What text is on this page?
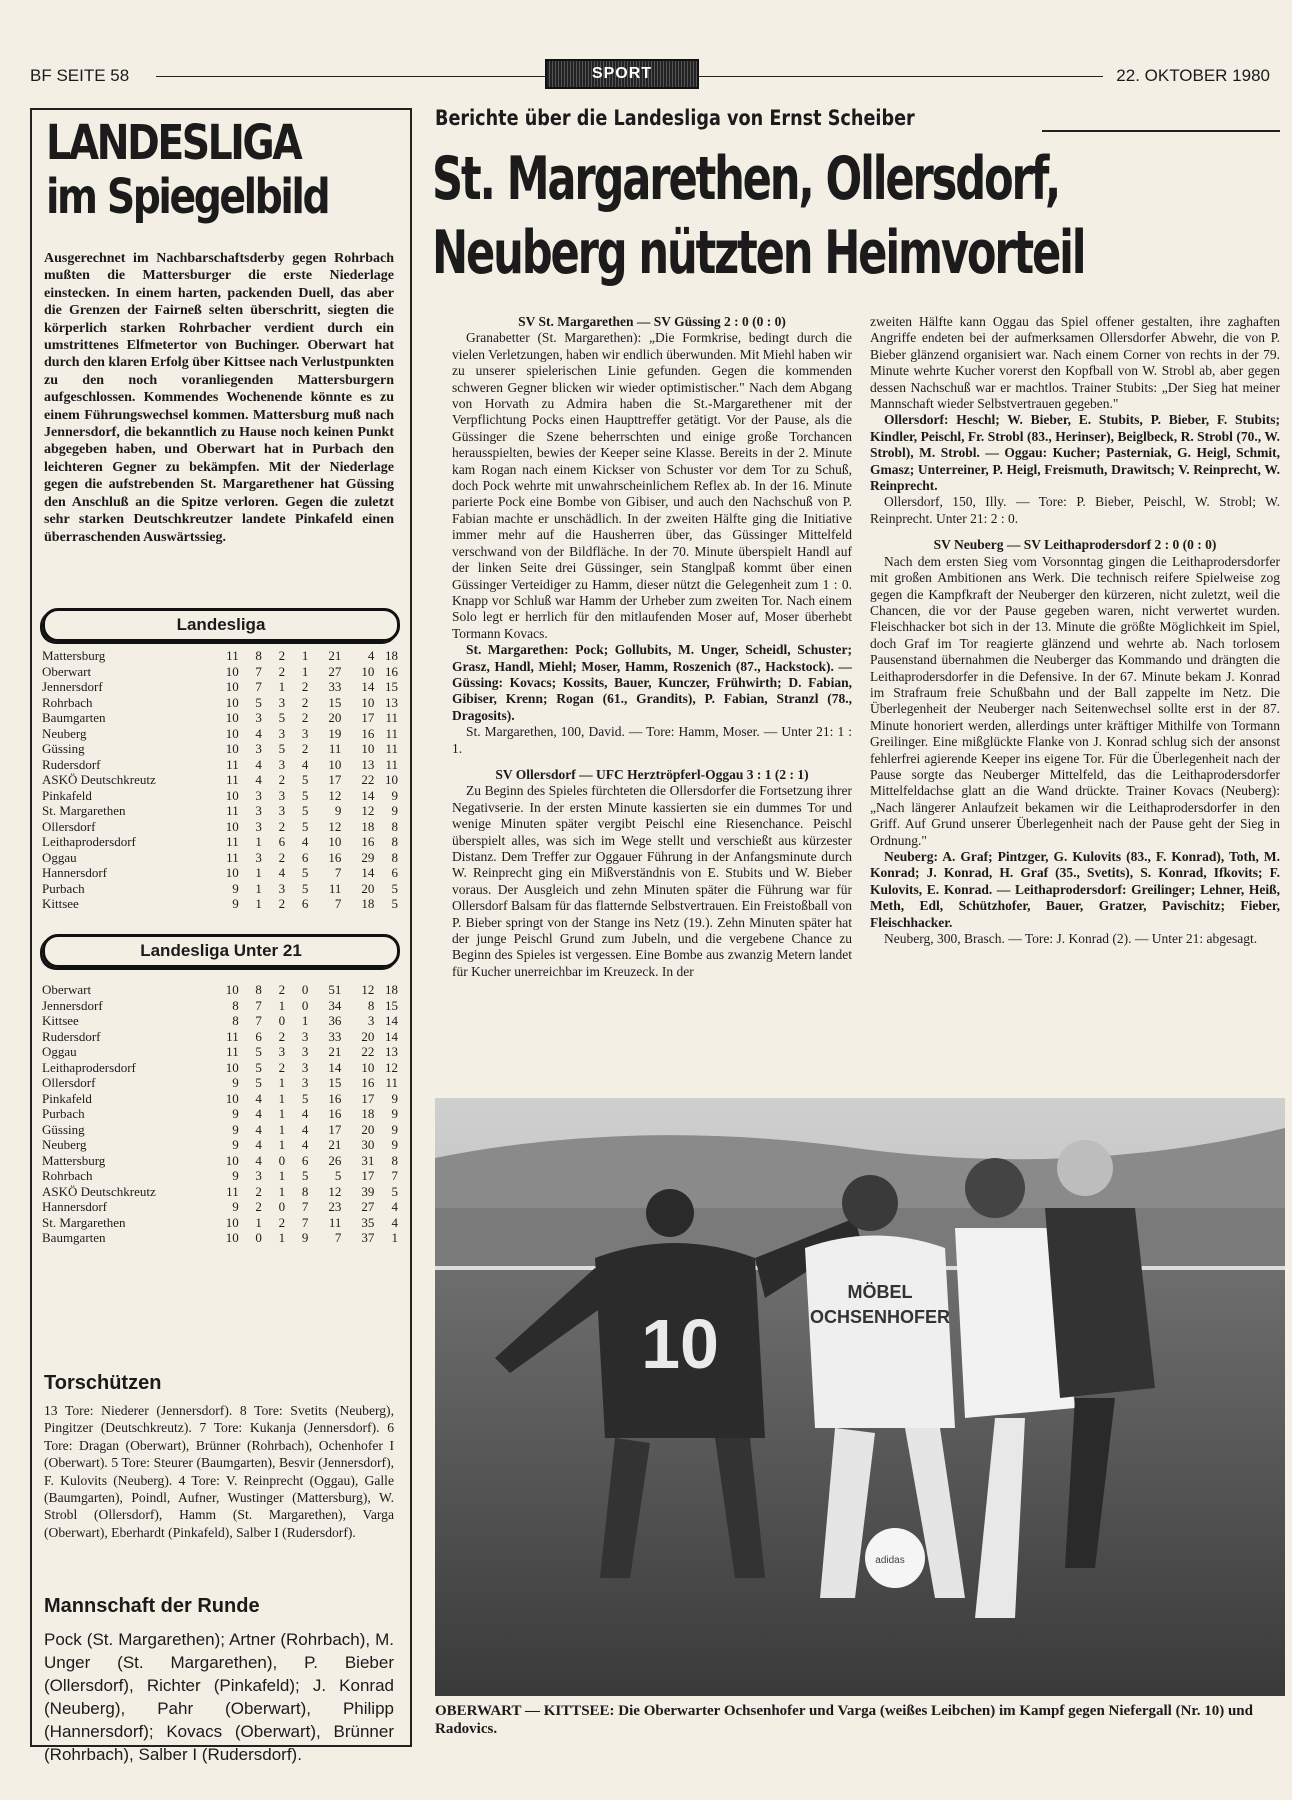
BF SEITE 58	SPORT	22. OKTOBER 1980
LANDESLIGA
im Spiegelbild

Ausgerechnet im Nachbarschaftsderby gegen Rohrbach mußten die Mattersburger die erste Niederlage einstecken. In einem harten, packenden Duell, das aber die Grenzen der Fairneß selten überschritt, siegten die körperlich starken Rohrbacher verdient durch ein umstrittenes Elfmetertor von Buchinger. Oberwart hat durch den klaren Erfolg über Kittsee nach Verlustpunkten zu den noch voranliegenden Mattersburgern aufgeschlossen. Kommendes Wochenende könnte es zu einem Führungswechsel kommen. Mattersburg muß nach Jennersdorf, die bekanntlich zu Hause noch keinen Punkt abgegeben haben, und Oberwart hat in Purbach den leichteren Gegner zu bekämpfen. Mit der Niederlage gegen die aufstrebenden St. Margarethener hat Güssing den Anschluß an die Spitze verloren. Gegen die zuletzt sehr starken Deutschkreutzer landete Pinkafeld einen überraschenden Auswärtssieg.

Landesliga
Mattersburg	11	8	2	1	21	4	18
Oberwart	10	7	2	1	27	10	16
Jennersdorf	10	7	1	2	33	14	15
Rohrbach	10	5	3	2	15	10	13
Baumgarten	10	3	5	2	20	17	11
Neuberg	10	4	3	3	19	16	11
Güssing	10	3	5	2	11	10	11
Rudersdorf	11	4	3	4	10	13	11
ASKÖ Deutschkreutz	11	4	2	5	17	22	10
Pinkafeld	10	3	3	5	12	14	9
St. Margarethen	11	3	3	5	9	12	9
Ollersdorf	10	3	2	5	12	18	8
Leithaprodersdorf	11	1	6	4	10	16	8
Oggau	11	3	2	6	16	29	8
Hannersdorf	10	1	4	5	7	14	6
Purbach	9	1	3	5	11	20	5
Kittsee	9	1	2	6	7	18	5
Landesliga Unter 21
Oberwart	10	8	2	0	51	12	18
Jennersdorf	8	7	1	0	34	8	15
Kittsee	8	7	0	1	36	3	14
Rudersdorf	11	6	2	3	33	20	14
Oggau	11	5	3	3	21	22	13
Leithaprodersdorf	10	5	2	3	14	10	12
Ollersdorf	9	5	1	3	15	16	11
Pinkafeld	10	4	1	5	16	17	9
Purbach	9	4	1	4	16	18	9
Güssing	9	4	1	4	17	20	9
Neuberg	9	4	1	4	21	30	9
Mattersburg	10	4	0	6	26	31	8
Rohrbach	9	3	1	5	5	17	7
ASKÖ Deutschkreutz	11	2	1	8	12	39	5
Hannersdorf	9	2	0	7	23	27	4
St. Margarethen	10	1	2	7	11	35	4
Baumgarten	10	0	1	9	7	37	1
Torschützen

13 Tore: Niederer (Jennersdorf). 8 Tore: Svetits (Neuberg), Pingitzer (Deutschkreutz). 7 Tore: Kukanja (Jennersdorf). 6 Tore: Dragan (Oberwart), Brünner (Rohrbach), Ochenhofer I (Oberwart). 5 Tore: Steurer (Baumgarten), Besvir (Jennersdorf), F. Kulovits (Neuberg). 4 Tore: V. Reinprecht (Oggau), Galle (Baumgarten), Poindl, Aufner, Wustinger (Mattersburg), W. Strobl (Ollersdorf), Hamm (St. Margarethen), Varga (Oberwart), Eberhardt (Pinkafeld), Salber I (Rudersdorf).

Mannschaft der Runde

Pock (St. Margarethen); Artner (Rohrbach), M. Unger (St. Margarethen), P. Bieber (Ollersdorf), Richter (Pinkafeld); J. Konrad (Neuberg), Pahr (Oberwart), Philipp (Hannersdorf); Kovacs (Oberwart), Brünner (Rohrbach), Salber I (Rudersdorf).

Berichte über die Landesliga von Ernst Scheiber
St. Margarethen, Ollersdorf,
Neuberg nützten Heimvorteil

SV St. Margarethen — SV Güssing 2 : 0 (0 : 0)

Granabetter (St. Margarethen): „Die Formkrise, bedingt durch die vielen Verletzungen, haben wir endlich überwunden. Mit Miehl haben wir zu unserer spielerischen Linie gefunden. Gegen die kommenden schweren Gegner blicken wir wieder optimistischer." Nach dem Abgang von Horvath zu Admira haben die St.-Margarethener mit der Verpflichtung Pocks einen Haupttreffer getätigt. Vor der Pause, als die Güssinger die Szene beherrschten und einige große Torchancen herausspielten, bewies der Keeper seine Klasse. Bereits in der 2. Minute kam Rogan nach einem Kickser von Schuster vor dem Tor zu Schuß, doch Pock wehrte mit unwahrscheinlichem Reflex ab. In der 16. Minute parierte Pock eine Bombe von Gibiser, und auch den Nachschuß von P. Fabian machte er unschädlich. In der zweiten Hälfte ging die Initiative immer mehr auf die Hausherren über, das Güssinger Mittelfeld verschwand von der Bildfläche. In der 70. Minute überspielt Handl auf der linken Seite drei Güssinger, sein Stanglpaß kommt über einen Güssinger Verteidiger zu Hamm, dieser nützt die Gelegenheit zum 1 : 0. Knapp vor Schluß war Hamm der Urheber zum zweiten Tor. Nach einem Solo legt er herrlich für den mitlaufenden Moser auf, Moser überhebt Tormann Kovacs.

St. Margarethen: Pock; Gollubits, M. Unger, Scheidl, Schuster; Grasz, Handl, Miehl; Moser, Hamm, Roszenich (87., Hackstock). — Güssing: Kovacs; Kossits, Bauer, Kunczer, Frühwirth; D. Fabian, Gibiser, Krenn; Rogan (61., Grandits), P. Fabian, Stranzl (78., Dragosits).

St. Margarethen, 100, David. — Tore: Hamm, Moser. — Unter 21: 1 : 1.

SV Ollersdorf — UFC Herztröpferl-Oggau 3 : 1 (2 : 1)

Zu Beginn des Spieles fürchteten die Ollersdorfer die Fortsetzung ihrer Negativserie. In der ersten Minute kassierten sie ein dummes Tor und wenige Minuten später vergibt Peischl eine Riesenchance. Peischl überspielt alles, was sich im Wege stellt und verschießt aus kürzester Distanz. Dem Treffer zur Oggauer Führung in der Anfangsminute durch W. Reinprecht ging ein Mißverständnis von E. Stubits und W. Bieber voraus. Der Ausgleich und zehn Minuten später die Führung war für Ollersdorf Balsam für das flatternde Selbstvertrauen. Ein Freistoßball von P. Bieber springt von der Stange ins Netz (19.). Zehn Minuten später hat der junge Peischl Grund zum Jubeln, und die vergebene Chance zu Beginn des Spieles ist vergessen. Eine Bombe aus zwanzig Metern landet für Kucher unerreichbar im Kreuzeck. In der

zweiten Hälfte kann Oggau das Spiel offener gestalten, ihre zaghaften Angriffe endeten bei der aufmerksamen Ollersdorfer Abwehr, die von P. Bieber glänzend organisiert war. Nach einem Corner von rechts in der 79. Minute wehrte Kucher vorerst den Kopfball von W. Strobl ab, aber gegen dessen Nachschuß war er machtlos. Trainer Stubits: „Der Sieg hat meiner Mannschaft wieder Selbstvertrauen gegeben."

Ollersdorf: Heschl; W. Bieber, E. Stubits, P. Bieber, F. Stubits; Kindler, Peischl, Fr. Strobl (83., Herinser), Beiglbeck, R. Strobl (70., W. Strobl), M. Strobl. — Oggau: Kucher; Pasterniak, G. Heigl, Schmit, Gmasz; Unterreiner, P. Heigl, Freismuth, Drawitsch; V. Reinprecht, W. Reinprecht.

Ollersdorf, 150, Illy. — Tore: P. Bieber, Peischl, W. Strobl; W. Reinprecht. Unter 21: 2 : 0.

SV Neuberg — SV Leithaprodersdorf 2 : 0 (0 : 0)

Nach dem ersten Sieg vom Vorsonntag gingen die Leithaprodersdorfer mit großen Ambitionen ans Werk. Die technisch reifere Spielweise zog gegen die Kampfkraft der Neuberger den kürzeren, nicht zuletzt, weil die Chancen, die vor der Pause gegeben waren, nicht verwertet wurden. Fleischhacker bot sich in der 13. Minute die größte Möglichkeit im Spiel, doch Graf im Tor reagierte glänzend und wehrte ab. Nach torlosem Pausenstand übernahmen die Neuberger das Kommando und drängten die Leithaprodersdorfer in die Defensive. In der 67. Minute bekam J. Konrad im Strafraum freie Schußbahn und der Ball zappelte im Netz. Die Überlegenheit der Neuberger nach Seitenwechsel sollte erst in der 87. Minute honoriert werden, allerdings unter kräftiger Mithilfe von Tormann Greilinger. Eine mißglückte Flanke von J. Konrad schlug sich der ansonst fehlerfrei agierende Keeper ins eigene Tor. Für die Überlegenheit nach der Pause sorgte das Neuberger Mittelfeld, das die Leithaprodersdorfer Mittelfeldachse glatt an die Wand drückte. Trainer Kovacs (Neuberg): „Nach längerer Anlaufzeit bekamen wir die Leithaprodersdorfer in den Griff. Auf Grund unserer Überlegenheit nach der Pause geht der Sieg in Ordnung."

Neuberg: A. Graf; Pintzger, G. Kulovits (83., F. Konrad), Toth, M. Konrad; J. Konrad, H. Graf (35., Svetits), S. Konrad, Ifkovits; F. Kulovits, E. Konrad. — Leithaprodersdorf: Greilinger; Lehner, Heiß, Meth, Edl, Schützhofer, Bauer, Gratzer, Pavischitz; Fieber, Fleischhacker.

Neuberg, 300, Brasch. — Tore: J. Konrad (2). — Unter 21: abgesagt.

10
MÖBEL
OCHSENHOFER
adidas

OBERWART — KITTSEE: Die Oberwarter Ochsenhofer und Varga (weißes Leibchen) im Kampf gegen Niefergall (Nr. 10) und Radovics.
